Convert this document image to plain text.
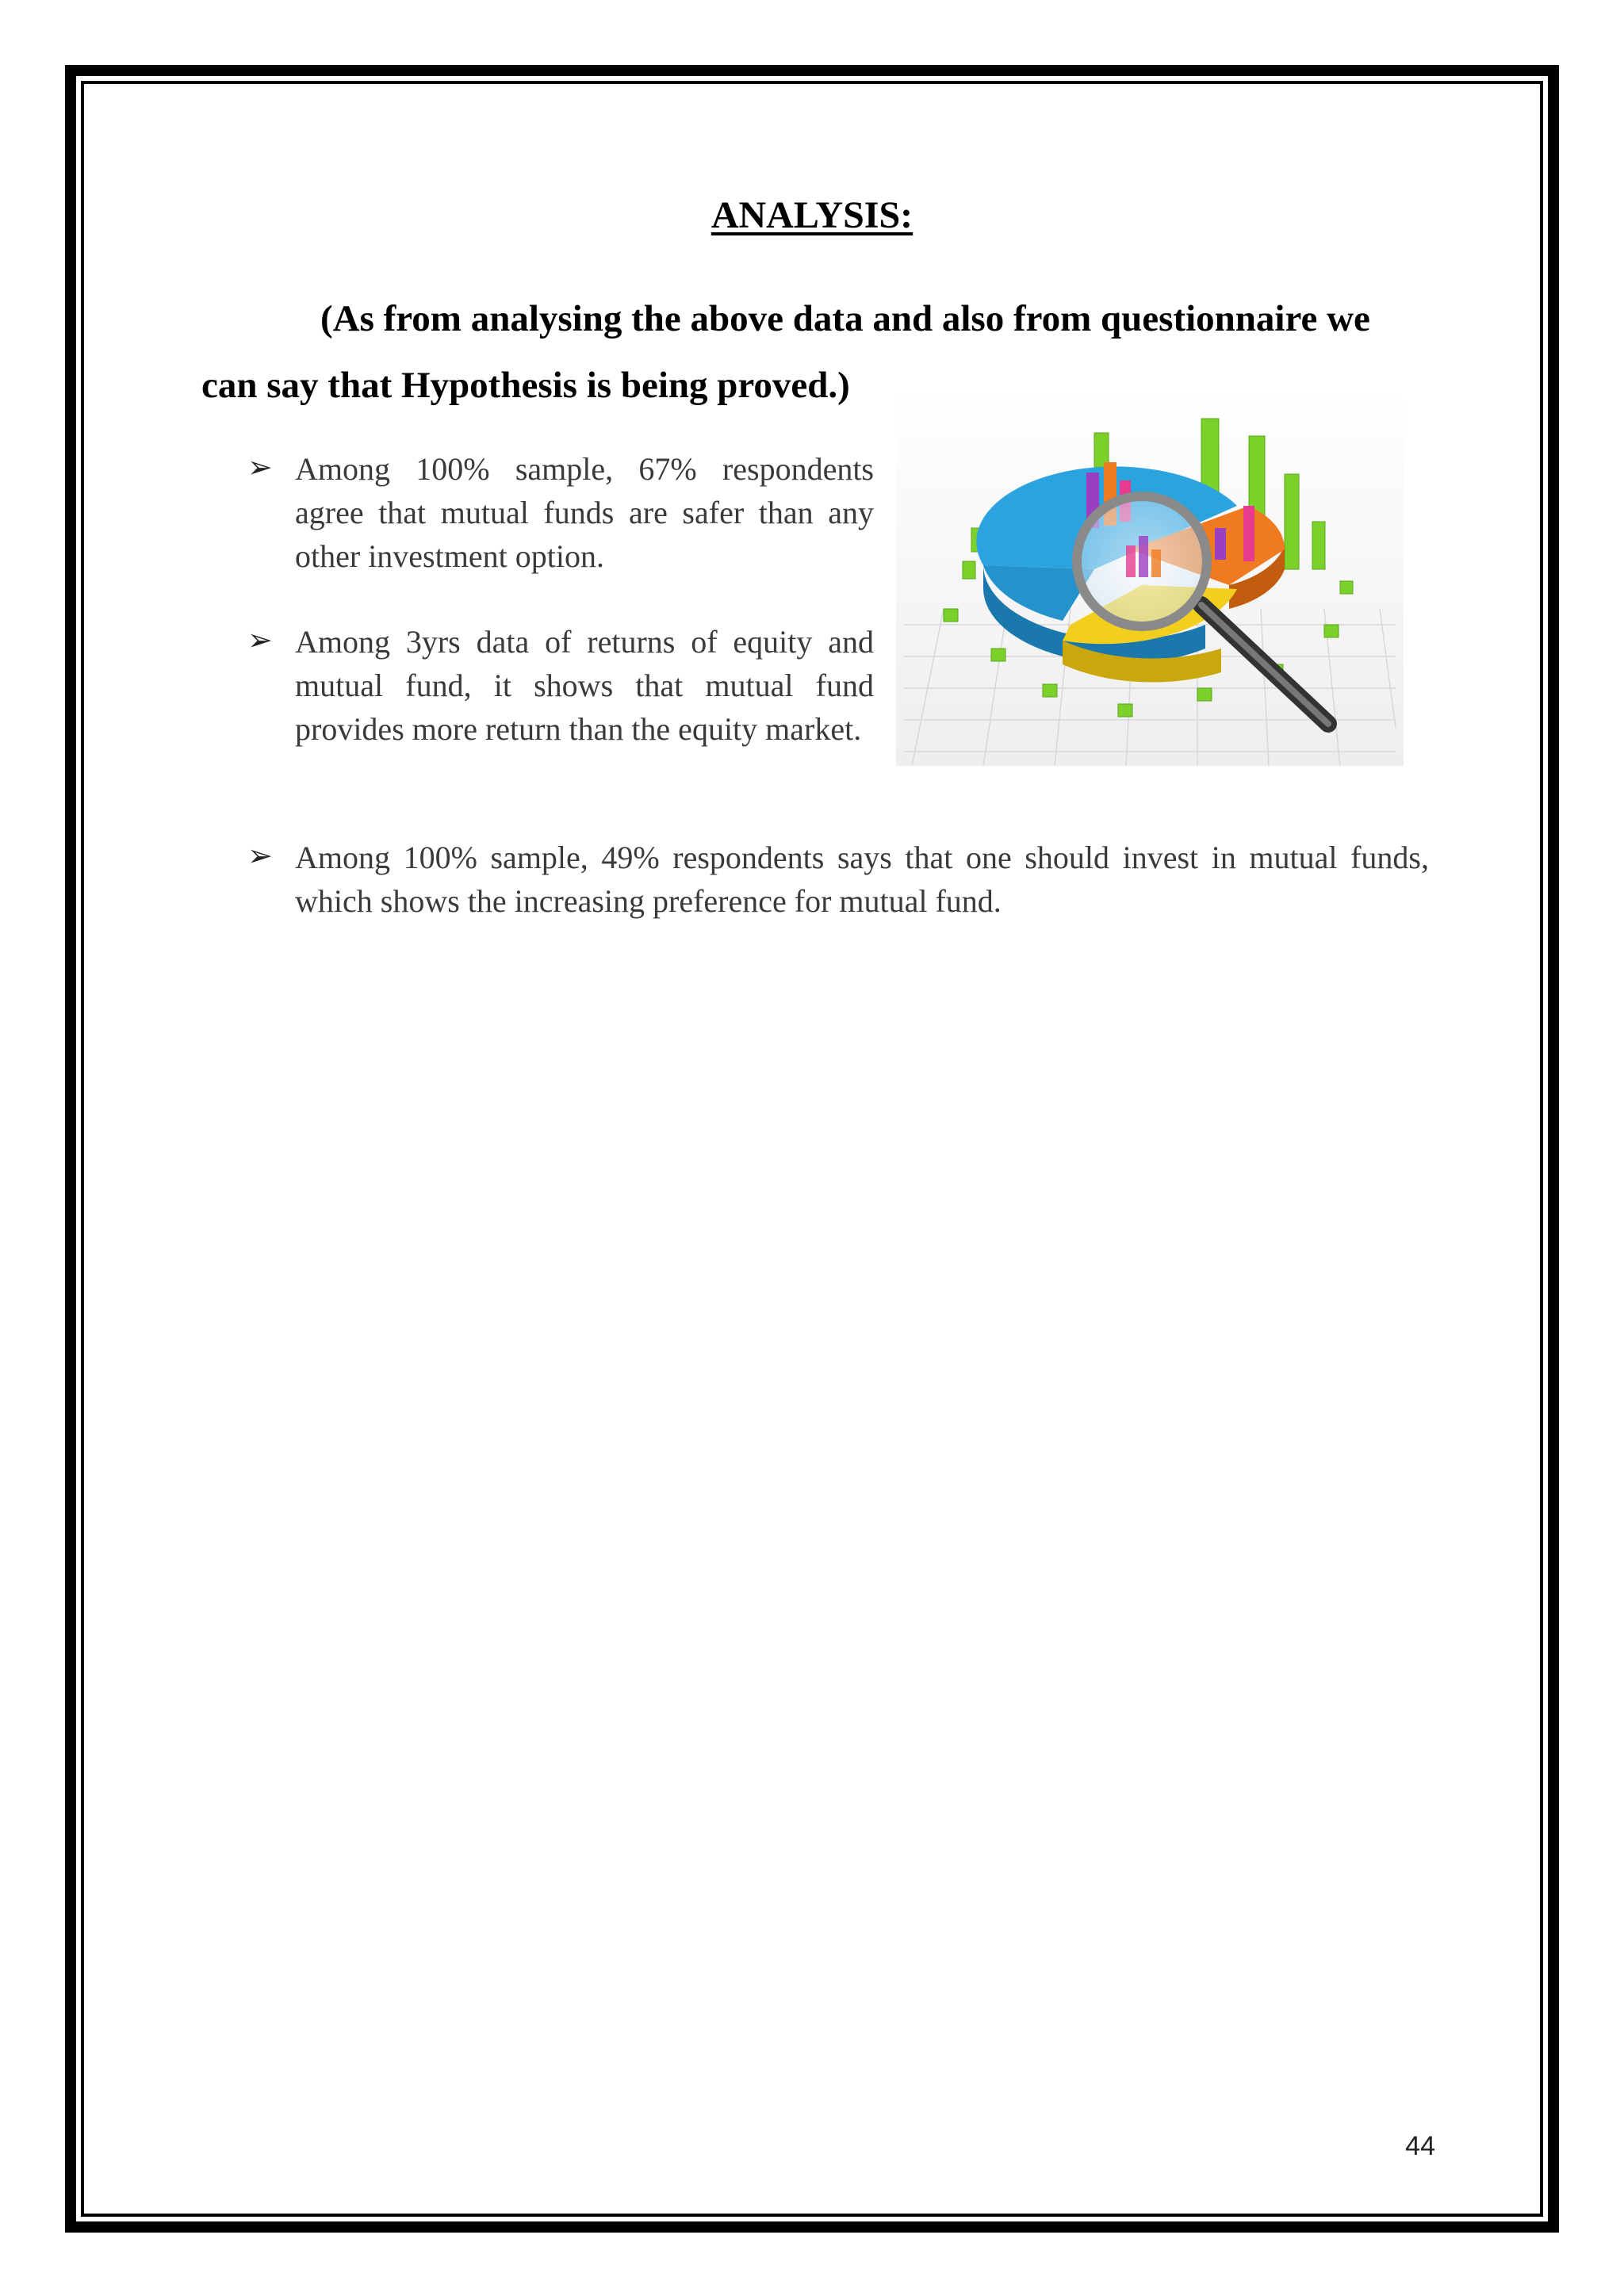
ANALYSIS:

(As from analysing the above data and also from questionnaire we can say that Hypothesis is being proved.)

➢ Among 100% sample, 67% respondents agree that mutual funds are safer than any other investment option.
➢ Among 3yrs data of returns of equity and mutual fund, it shows that mutual fund provides more return than the equity market.
➢ Among 100% sample, 49% respondents says that one should invest in mutual funds, which shows the increasing preference for mutual fund.
44
